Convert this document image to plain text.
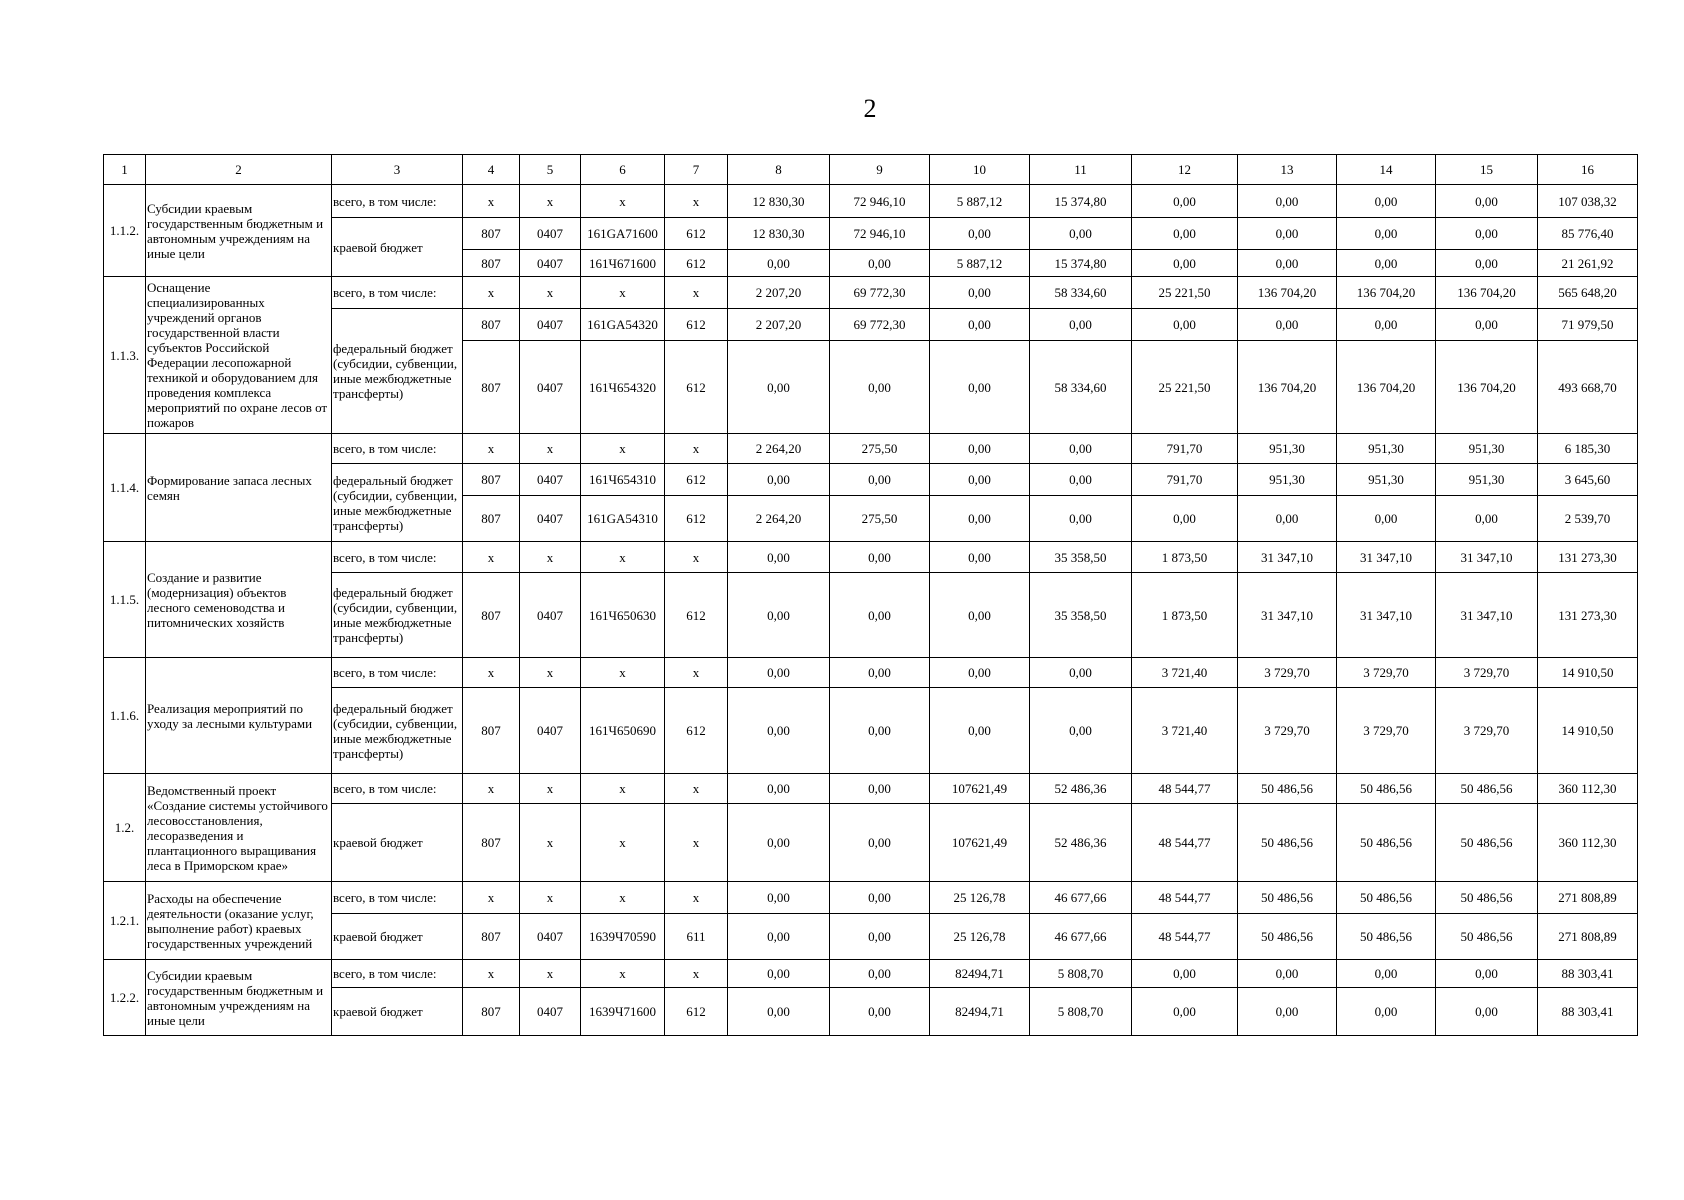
2
1	2	3	4	5	6	7	8	9	10	11	12	13	14	15	16
1.1.2.	Субсидии краевым государственным бюджетным и автономным учреждениям на иные цели	всего, в том числе:	x	x	x	x	12 830,30	72 946,10	5 887,12	15 374,80	0,00	0,00	0,00	0,00	107 038,32
		краевой бюджет	807	0407	161GA71600	612	12 830,30	72 946,10	0,00	0,00	0,00	0,00	0,00	0,00	85 776,40
			807	0407	161Ч671600	612	0,00	0,00	5 887,12	15 374,80	0,00	0,00	0,00	0,00	21 261,92
1.1.3.	Оснащение специализированных учреждений органов государственной власти субъектов Российской Федерации лесопожарной техникой и оборудованием для проведения комплекса мероприятий по охране лесов от пожаров	всего, в том числе:	x	x	x	x	2 207,20	69 772,30	0,00	58 334,60	25 221,50	136 704,20	136 704,20	136 704,20	565 648,20
		федеральный бюджет (субсидии, субвенции, иные межбюджетные трансферты)	807	0407	161GA54320	612	2 207,20	69 772,30	0,00	0,00	0,00	0,00	0,00	0,00	71 979,50
			807	0407	161Ч654320	612	0,00	0,00	0,00	58 334,60	25 221,50	136 704,20	136 704,20	136 704,20	493 668,70
1.1.4.	Формирование запаса лесных семян	всего, в том числе:	x	x	x	x	2 264,20	275,50	0,00	0,00	791,70	951,30	951,30	951,30	6 185,30
		федеральный бюджет (субсидии, субвенции, иные межбюджетные трансферты)	807	0407	161Ч654310	612	0,00	0,00	0,00	0,00	791,70	951,30	951,30	951,30	3 645,60
			807	0407	161GA54310	612	2 264,20	275,50	0,00	0,00	0,00	0,00	0,00	0,00	2 539,70
1.1.5.	Создание и развитие (модернизация) объектов лесного семеноводства и питомнических хозяйств	всего, в том числе:	x	x	x	x	0,00	0,00	0,00	35 358,50	1 873,50	31 347,10	31 347,10	31 347,10	131 273,30
		федеральный бюджет (субсидии, субвенции, иные межбюджетные трансферты)	807	0407	161Ч650630	612	0,00	0,00	0,00	35 358,50	1 873,50	31 347,10	31 347,10	31 347,10	131 273,30
1.1.6.	Реализация мероприятий по уходу за лесными культурами	всего, в том числе:	x	x	x	x	0,00	0,00	0,00	0,00	3 721,40	3 729,70	3 729,70	3 729,70	14 910,50
		федеральный бюджет (субсидии, субвенции, иные межбюджетные трансферты)	807	0407	161Ч650690	612	0,00	0,00	0,00	0,00	3 721,40	3 729,70	3 729,70	3 729,70	14 910,50
1.2.	Ведомственный проект «Создание системы устойчивого лесовосстановления, лесоразведения и плантационного выращивания леса в Приморском крае»	всего, в том числе:	x	x	x	x	0,00	0,00	107621,49	52 486,36	48 544,77	50 486,56	50 486,56	50 486,56	360 112,30
		краевой бюджет	807	x	x	x	0,00	0,00	107621,49	52 486,36	48 544,77	50 486,56	50 486,56	50 486,56	360 112,30
1.2.1.	Расходы на обеспечение деятельности (оказание услуг, выполнение работ) краевых государственных учреждений	всего, в том числе:	x	x	x	x	0,00	0,00	25 126,78	46 677,66	48 544,77	50 486,56	50 486,56	50 486,56	271 808,89
		краевой бюджет	807	0407	1639Ч70590	611	0,00	0,00	25 126,78	46 677,66	48 544,77	50 486,56	50 486,56	50 486,56	271 808,89
1.2.2.	Субсидии краевым государственным бюджетным и автономным учреждениям на иные цели	всего, в том числе:	x	x	x	x	0,00	0,00	82494,71	5 808,70	0,00	0,00	0,00	0,00	88 303,41
		краевой бюджет	807	0407	1639Ч71600	612	0,00	0,00	82494,71	5 808,70	0,00	0,00	0,00	0,00	88 303,41
